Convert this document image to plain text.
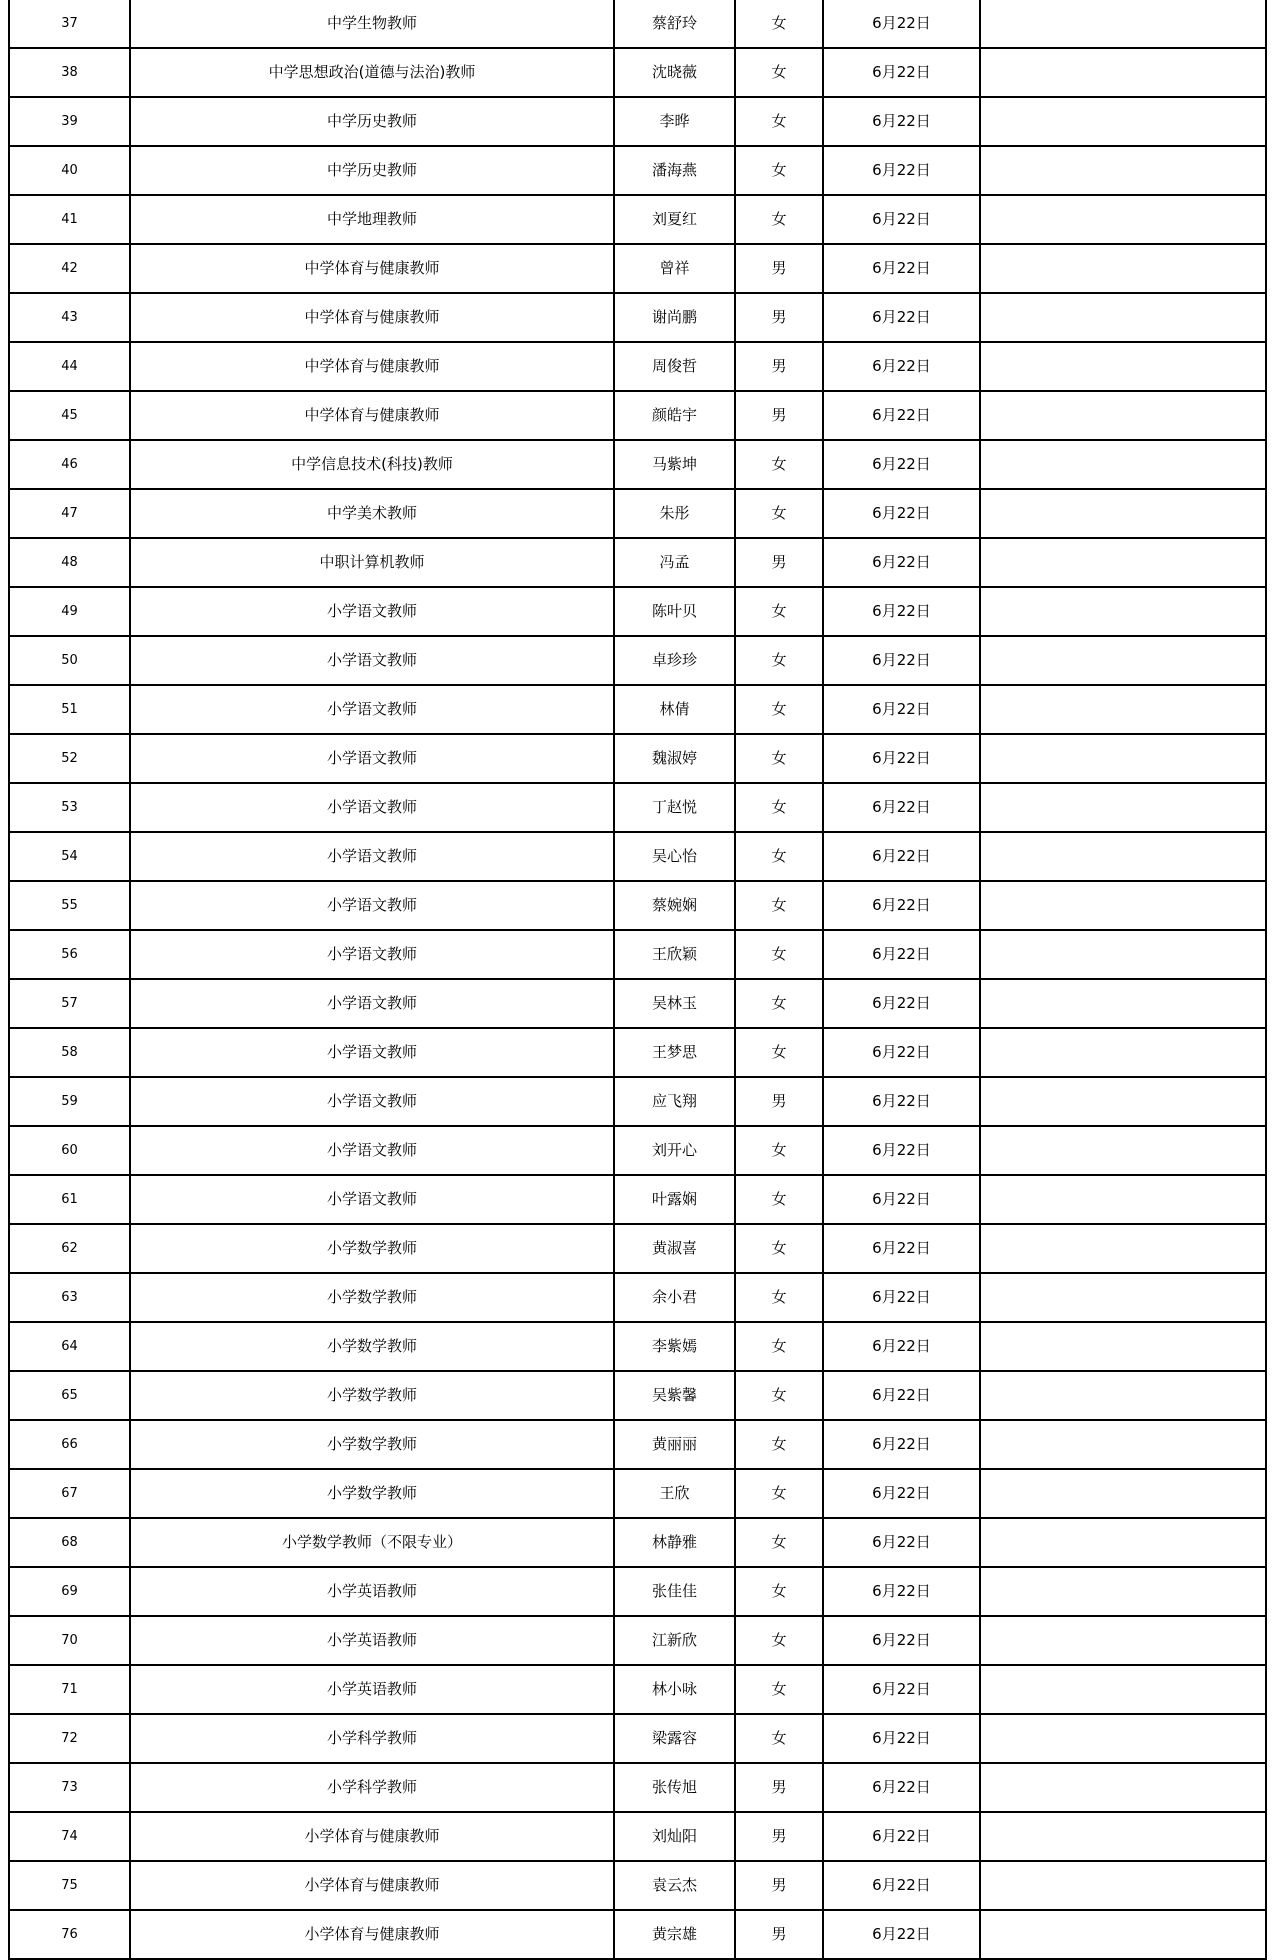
37	中学生物教师	蔡舒玲	女	6月22日	
38	中学思想政治(道德与法治)教师	沈晓薇	女	6月22日	
39	中学历史教师	李晔	女	6月22日	
40	中学历史教师	潘海燕	女	6月22日	
41	中学地理教师	刘夏红	女	6月22日	
42	中学体育与健康教师	曾祥	男	6月22日	
43	中学体育与健康教师	谢尚鹏	男	6月22日	
44	中学体育与健康教师	周俊哲	男	6月22日	
45	中学体育与健康教师	颜皓宇	男	6月22日	
46	中学信息技术(科技)教师	马紫坤	女	6月22日	
47	中学美术教师	朱彤	女	6月22日	
48	中职计算机教师	冯孟	男	6月22日	
49	小学语文教师	陈叶贝	女	6月22日	
50	小学语文教师	卓珍珍	女	6月22日	
51	小学语文教师	林倩	女	6月22日	
52	小学语文教师	魏淑婷	女	6月22日	
53	小学语文教师	丁赵悦	女	6月22日	
54	小学语文教师	吴心怡	女	6月22日	
55	小学语文教师	蔡婉娴	女	6月22日	
56	小学语文教师	王欣颖	女	6月22日	
57	小学语文教师	吴林玉	女	6月22日	
58	小学语文教师	王梦思	女	6月22日	
59	小学语文教师	应飞翔	男	6月22日	
60	小学语文教师	刘开心	女	6月22日	
61	小学语文教师	叶露娴	女	6月22日	
62	小学数学教师	黄淑喜	女	6月22日	
63	小学数学教师	余小君	女	6月22日	
64	小学数学教师	李紫嫣	女	6月22日	
65	小学数学教师	吴紫馨	女	6月22日	
66	小学数学教师	黄丽丽	女	6月22日	
67	小学数学教师	王欣	女	6月22日	
68	小学数学教师（不限专业）	林静雅	女	6月22日	
69	小学英语教师	张佳佳	女	6月22日	
70	小学英语教师	江新欣	女	6月22日	
71	小学英语教师	林小咏	女	6月22日	
72	小学科学教师	梁露容	女	6月22日	
73	小学科学教师	张传旭	男	6月22日	
74	小学体育与健康教师	刘灿阳	男	6月22日	
75	小学体育与健康教师	袁云杰	男	6月22日	
76	小学体育与健康教师	黄宗雄	男	6月22日	
